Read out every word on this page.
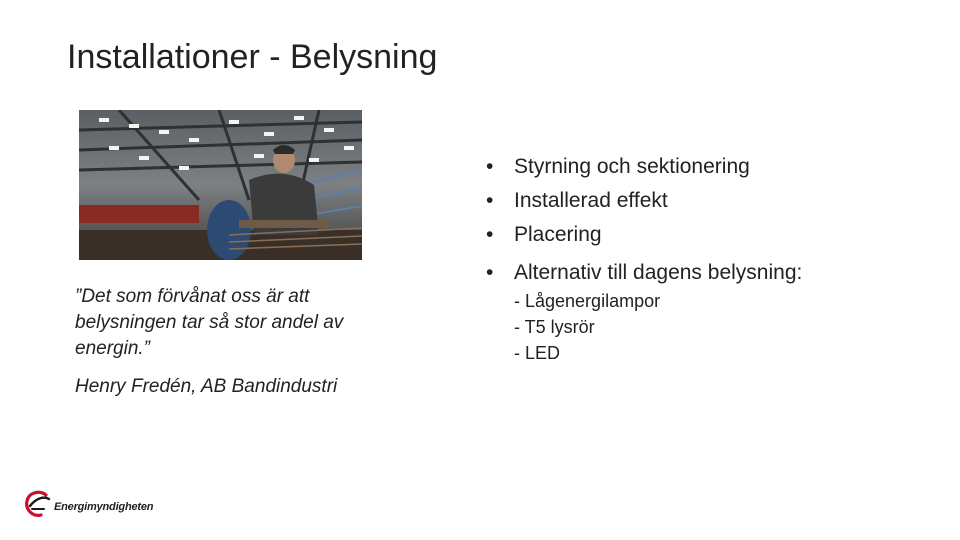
Installationer - Belysning
”Det som förvånat oss är att belysningen tar så stor andel av energin.”
Henry Fredén, AB Bandindustri
• Styrning och sektionering
• Installerad effekt
• Placering
• Alternativ till dagens belysning:
- Lågenergilampor
- T5 lysrör
- LED
Energimyndigheten
